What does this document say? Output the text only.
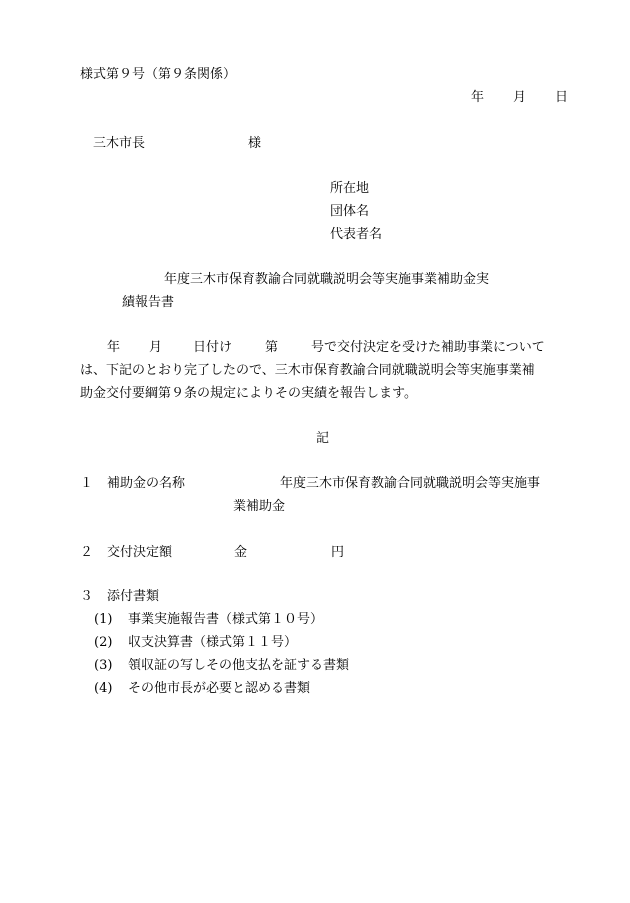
様式第９号（第９条関係）
年 月 日
三木市長	様
所在地
団体名
代表者名
年度三木市保育教諭合同就職説明会等実施事業補助金実
績報告書
年 月 日付け	第	号で交付決定を受けた補助事業について
は、下記のとおり完了したので、三木市保育教諭合同就職説明会等実施事業補
助金交付要綱第９条の規定によりその実績を報告します。
記
１ 補助金の名称	年度三木市保育教諭合同就職説明会等実施事
業補助金
２ 交付決定額	金	円
３ 添付書類
(1) 事業実施報告書（様式第１０号）
(2) 収支決算書（様式第１１号）
(3) 領収証の写しその他支払を証する書類
(4) その他市長が必要と認める書類
